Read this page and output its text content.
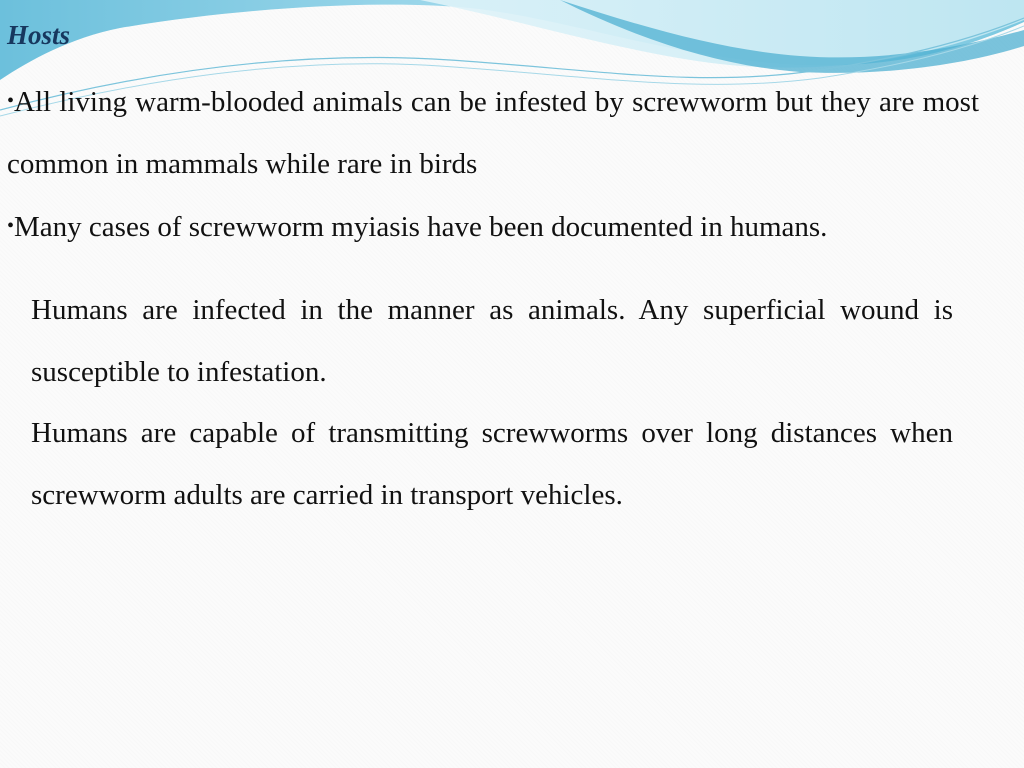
Hosts

•All living warm-blooded animals can be infested by screwworm but they are most common in mammals while rare in birds

•Many cases of screwworm myiasis have been documented in humans.

Humans are infected in the manner as animals. Any superficial wound is susceptible to infestation.

Humans are capable of transmitting screwworms over long distances when screwworm adults are carried in transport vehicles.
